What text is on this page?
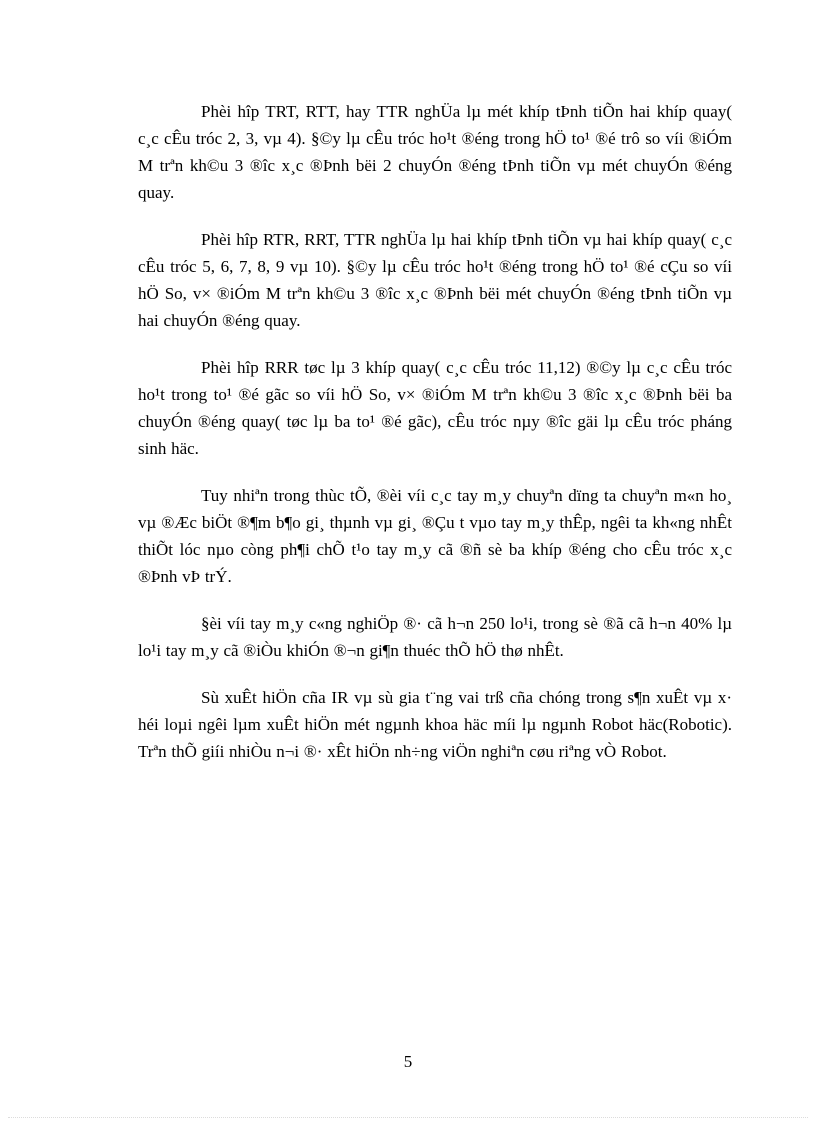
Phèi hîp TRT, RTT, hay TTR nghÜa lµ mét khíp tÞnh tiÕn hai khíp quay( c¸c cÊu tróc 2, 3, vµ 4). §©y lµ cÊu tróc ho¹t ®éng trong hÖ to¹ ®é trô so víi ®iÓm M trªn kh©u 3 ®îc x¸c ®Þnh bëi 2 chuyÓn ®éng tÞnh tiÕn vµ mét chuyÓn ®éng quay.

Phèi hîp RTR, RRT, TTR nghÜa lµ hai khíp tÞnh tiÕn vµ hai khíp quay( c¸c cÊu tróc 5, 6, 7, 8, 9 vµ 10). §©y lµ cÊu tróc ho¹t ®éng trong hÖ to¹ ®é cÇu so víi hÖ So, v× ®iÓm M trªn kh©u 3 ®îc x¸c ®Þnh bëi mét chuyÓn ®éng tÞnh tiÕn vµ hai chuyÓn ®éng quay.

Phèi hîp RRR tøc lµ 3 khíp quay( c¸c cÊu tróc 11,12) ®©y lµ c¸c cÊu tróc ho¹t trong to¹ ®é gãc so víi hÖ So, v× ®iÓm M trªn kh©u 3 ®îc x¸c ®Þnh bëi ba chuyÓn ®éng quay( tøc lµ ba to¹ ®é gãc), cÊu tróc nµy ®îc gäi lµ cÊu tróc pháng sinh häc.

Tuy nhiªn trong thùc tÕ, ®èi víi c¸c tay m¸y chuyªn dïng ta chuyªn m«n ho¸ vµ ®Æc biÖt ®¶m b¶o gi¸ thµnh vµ gi¸ ®Çu t vµo tay m¸y thÊp, ngêi ta kh«ng nhÊt thiÕt lóc nµo còng ph¶i chÕ t¹o tay m¸y cã ®ñ sè ba khíp ®éng cho cÊu tróc x¸c ®Þnh vÞ trÝ.

§èi víi tay m¸y c«ng nghiÖp ®· cã h¬n 250 lo¹i, trong sè ®ã cã h¬n 40% lµ lo¹i tay m¸y cã ®iÒu khiÓn ®¬n gi¶n thuéc thÕ hÖ thø nhÊt.

Sù xuÊt hiÖn cña IR vµ sù gia t¨ng vai trß cña chóng trong s¶n xuÊt vµ x· héi loµi ngêi lµm xuÊt hiÖn mét ngµnh khoa häc míi lµ ngµnh Robot häc(Robotic). Trªn thÕ giíi nhiÒu n¬i ®· xÊt hiÖn nh÷ng viÖn nghiªn cøu riªng vÒ Robot.

5
